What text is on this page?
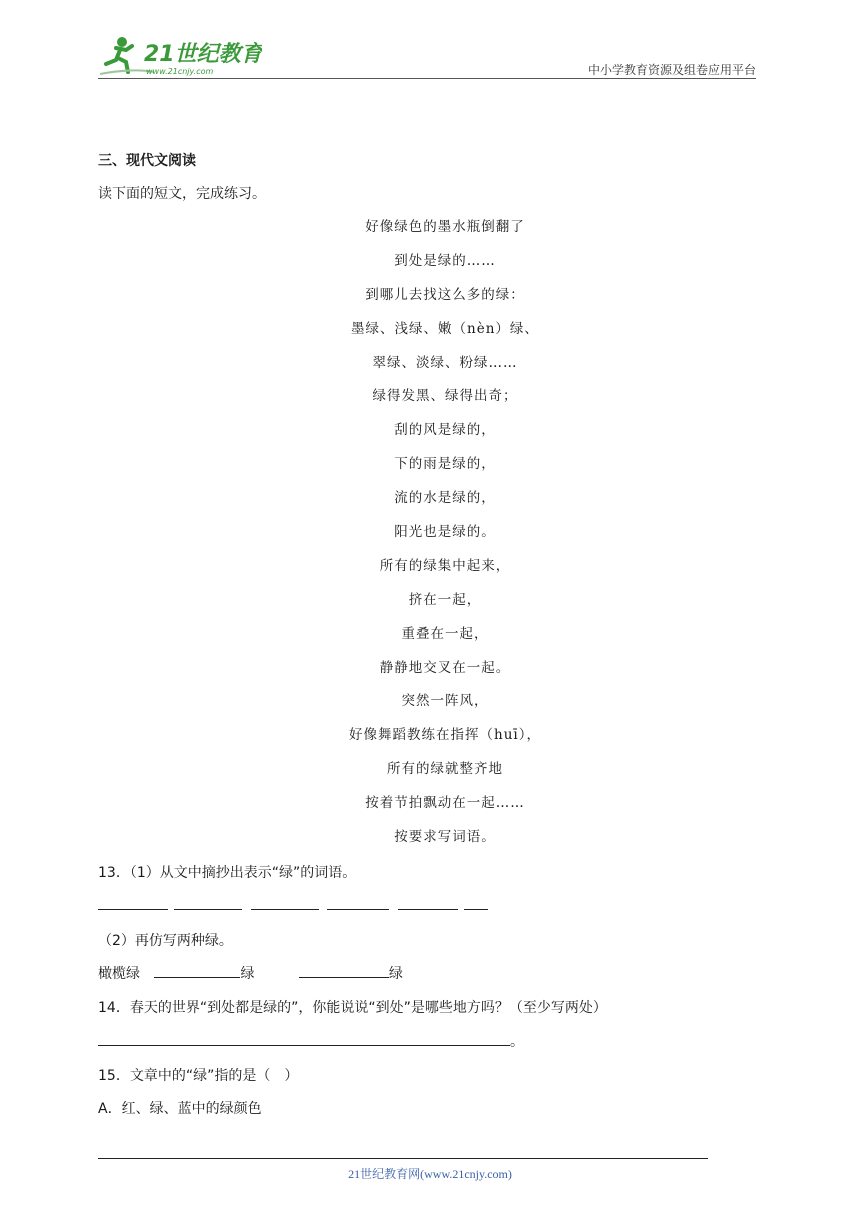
21世纪教育
www.21cnjy.com	中小学教育资源及组卷应用平台
三、现代文阅读
读下面的短文，完成练习。
好像绿色的墨水瓶倒翻了
到处是绿的……
到哪儿去找这么多的绿：
墨绿、浅绿、嫩（nèn）绿、
翠绿、淡绿、粉绿……
绿得发黑、绿得出奇；
刮的风是绿的，
下的雨是绿的，
流的水是绿的，
阳光也是绿的。
所有的绿集中起来，
挤在一起，
重叠在一起，
静静地交叉在一起。
突然一阵风，
好像舞蹈教练在指挥（huī），
所有的绿就整齐地
按着节拍飘动在一起……
按要求写词语。
13．（1）从文中摘抄出表示“绿”的词语。

（2）再仿写两种绿。
橄榄绿	绿	绿
14．春天的世界“到处都是绿的”，你能说说“到处”是哪些地方吗？（至少写两处）
。
15．文章中的“绿”指的是（　）
A．红、绿、蓝中的绿颜色
21世纪教育网(www.21cnjy.com)
